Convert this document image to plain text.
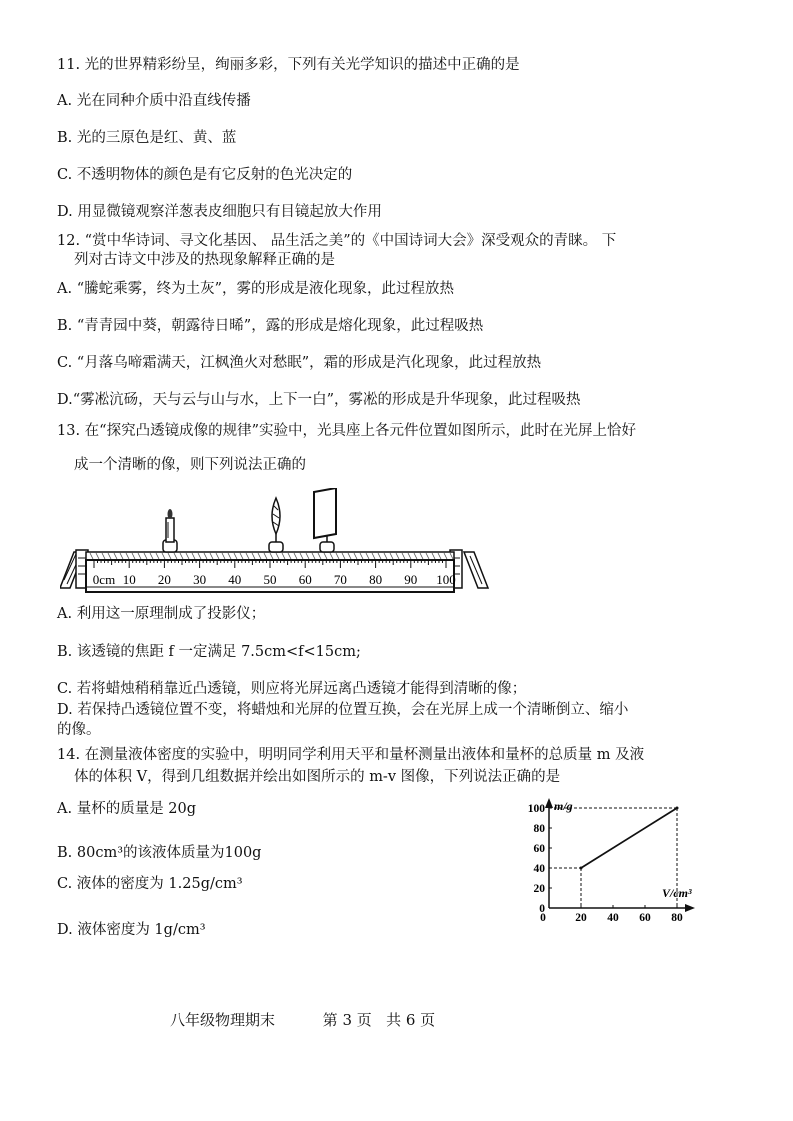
11. 光的世界精彩纷呈，绚丽多彩，下列有关光学知识的描述中正确的是
A. 光在同种介质中沿直线传播
B. 光的三原色是红、黄、蓝
C. 不透明物体的颜色是有它反射的色光决定的
D. 用显微镜观察洋葱表皮细胞只有目镜起放大作用
12. “赏中华诗词、寻文化基因、 品生活之美”的《中国诗词大会》深受观众的青睐。 下
列对古诗文中涉及的热现象解释正确的是
A. “騰蛇乘雾，终为土灰”，雾的形成是液化现象，此过程放热
B. “青青园中葵，朝露待日晞”，露的形成是熔化现象，此过程吸热
C. “月落乌啼霜满天，江枫渔火对愁眠”，霜的形成是汽化现象，此过程放热
D.“雾凇沆砀，天与云与山与水，上下一白”，雾凇的形成是升华现象，此过程吸热
13. 在“探究凸透镜成像的规律”实验中，光具座上各元件位置如图所示，此时在光屏上恰好
成一个清晰的像，则下列说法正确的
0cm 10 20 30 40 50 60 70 80 90 100
A. 利用这一原理制成了投影仪；
B. 该透镜的焦距 f 一定满足 7.5cm<f<15cm;
C. 若将蜡烛稍稍靠近凸透镜，则应将光屏远离凸透镜才能得到清晰的像；
D. 若保持凸透镜位置不变，将蜡烛和光屏的位置互换，会在光屏上成一个清晰倒立、缩小
的像。
14. 在测量液体密度的实验中，明明同学利用天平和量杯测量出液体和量杯的总质量 m 及液
体的体积 V，得到几组数据并绘出如图所示的 m-v 图像，下列说法正确的是
A. 量杯的质量是 20g
B. 80cm³的该液体质量为100g
C. 液体的密度为 1.25g/cm³
D. 液体密度为 1g/cm³
m/g
V/cm³
0
20
40
60
80
100
0	20 40 60 80
八年级物理期末          第 3 页   共 6 页
